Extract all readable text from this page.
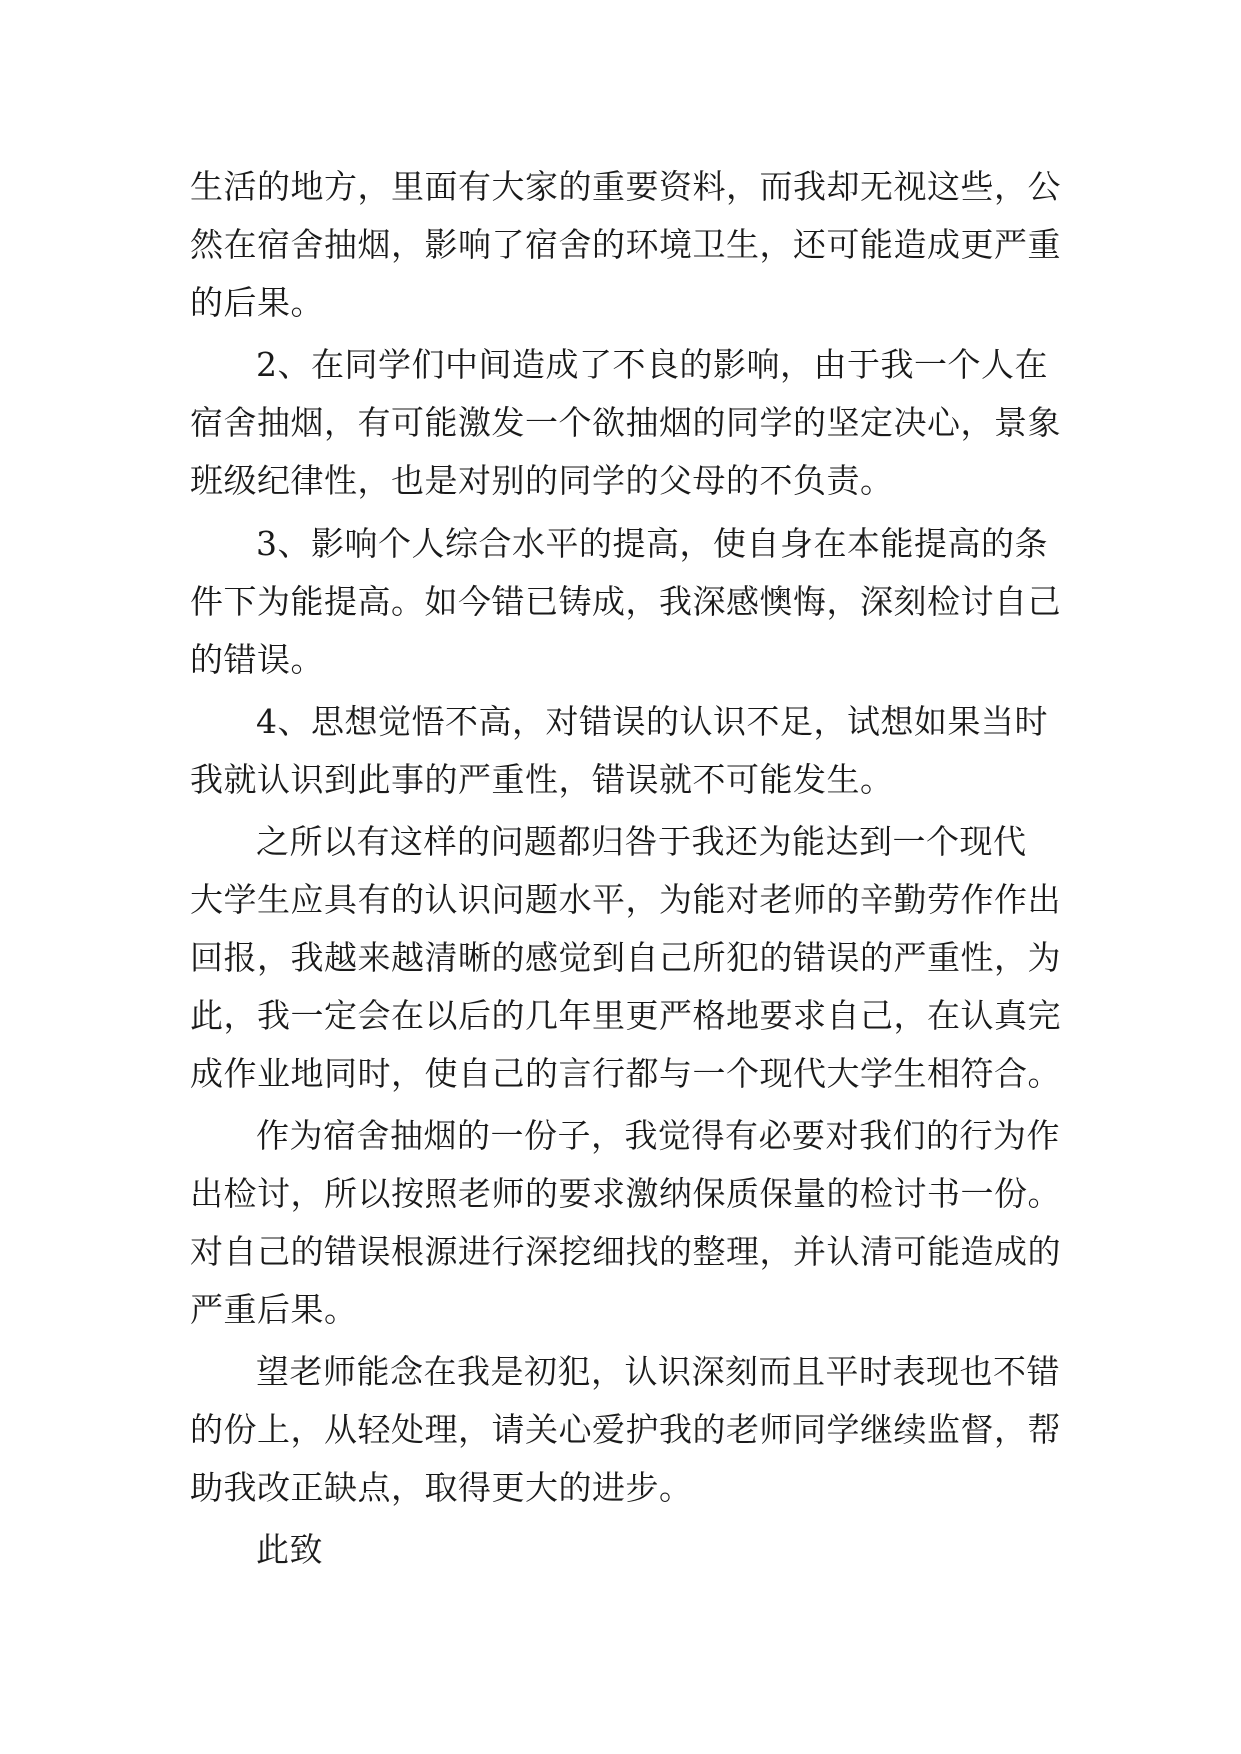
生活的地方，里面有大家的重要资料，而我却无视这些，公
然在宿舍抽烟，影响了宿舍的环境卫生，还可能造成更严重
的后果。
2、在同学们中间造成了不良的影响，由于我一个人在
宿舍抽烟，有可能激发一个欲抽烟的同学的坚定决心，景象
班级纪律性，也是对别的同学的父母的不负责。
3、影响个人综合水平的提高，使自身在本能提高的条
件下为能提高。如今错已铸成，我深感懊悔，深刻检讨自己
的错误。
4、思想觉悟不高，对错误的认识不足，试想如果当时
我就认识到此事的严重性，错误就不可能发生。
之所以有这样的问题都归咎于我还为能达到一个现代
大学生应具有的认识问题水平，为能对老师的辛勤劳作作出
回报，我越来越清晰的感觉到自己所犯的错误的严重性，为
此，我一定会在以后的几年里更严格地要求自己，在认真完
成作业地同时，使自己的言行都与一个现代大学生相符合。
作为宿舍抽烟的一份子，我觉得有必要对我们的行为作
出检讨，所以按照老师的要求激纳保质保量的检讨书一份。
对自己的错误根源进行深挖细找的整理，并认清可能造成的
严重后果。
望老师能念在我是初犯，认识深刻而且平时表现也不错
的份上，从轻处理，请关心爱护我的老师同学继续监督，帮
助我改正缺点，取得更大的进步。
此致
